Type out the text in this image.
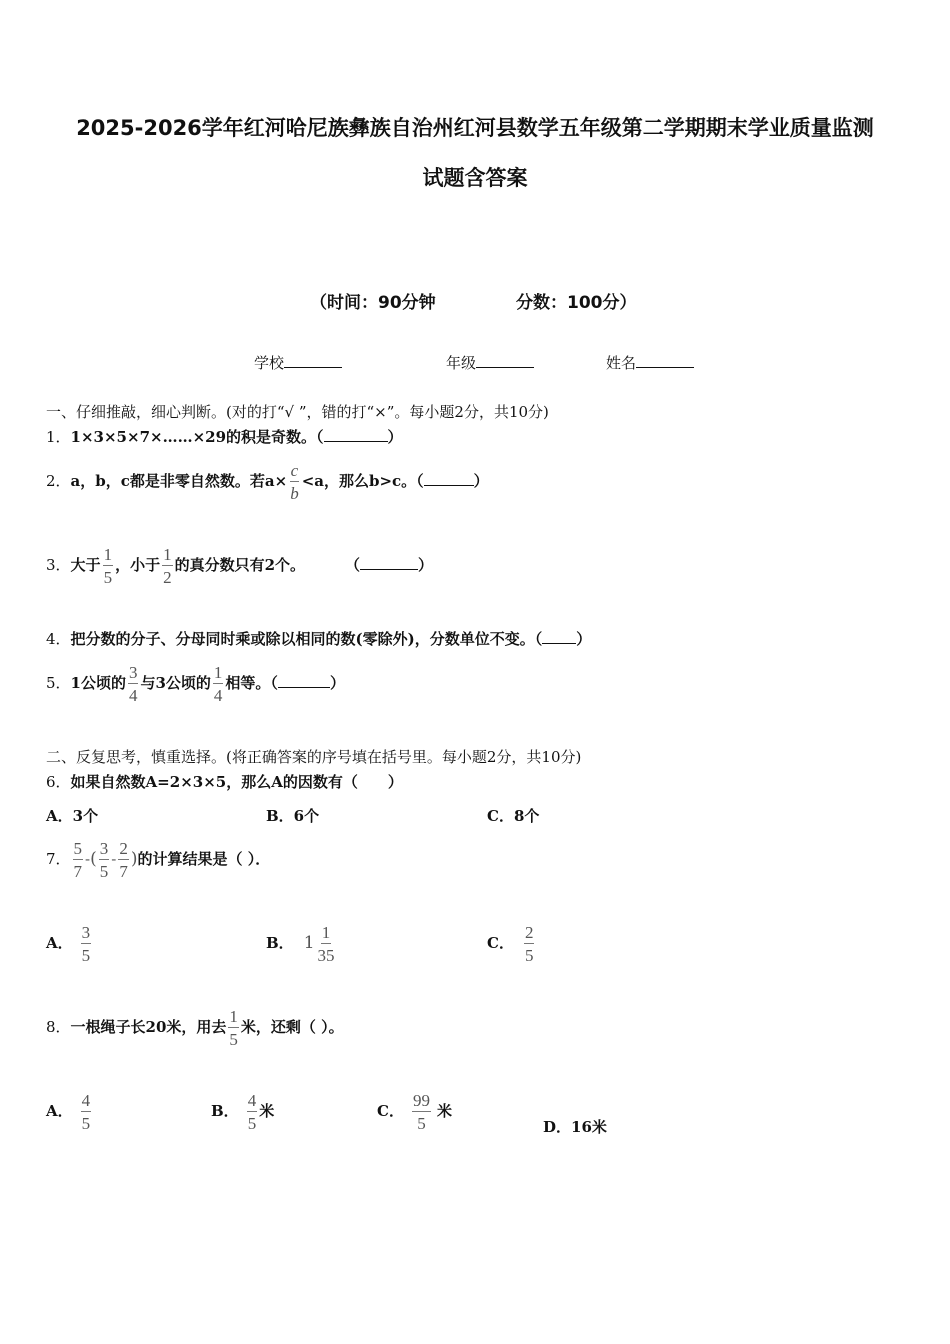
2025-2026学年红河哈尼族彝族自治州红河县数学五年级第二学期期末学业质量监测
试题含答案
（时间：90分钟	分数：100分）
学校	年级	姓名
一、仔细推敲，细心判断。(对的打“√ ”，错的打“×”。每小题2分，共10分)
1．1×3×5×7×……×29的积是奇数。（	）
2．a，b，c都是非零自然数。若$a\times \frac{c}{b} <a$，那么b>c。（	）
3．大于 $\frac{1}{5}$ ，小于 $\frac{1}{2}$ 的真分数只有2个。	（	）
4．把分数的分子、分母同时乘或除以相同的数(零除外)，分数单位不变。（ ）
5．1公顷的 $\frac{3}{4}$ 与3公顷的 $\frac{1}{4}$ 相等。（	）
二、反复思考，慎重选择。(将正确答案的序号填在括号里。每小题2分，共10分)
6．如果自然数A=2×3×5，那么A的因数有（　　）
A．3个	B．6个	C．8个
7． $\frac{5}{7}$ -( $\frac{3}{5} - \frac{2}{7}$ )的计算结果是（ ）．
A． $\frac{3}{5}$	B． $1 \frac{1}{35}$	C． $\frac{2}{5}$
8．一根绳子长20米，用去 $\frac{1}{5}$ 米，还剩（ ）。
A． $\frac{4}{5}$	B． $\frac{4}{5}$ 米	C． $\frac{99}{5}$ 米
D．16米
